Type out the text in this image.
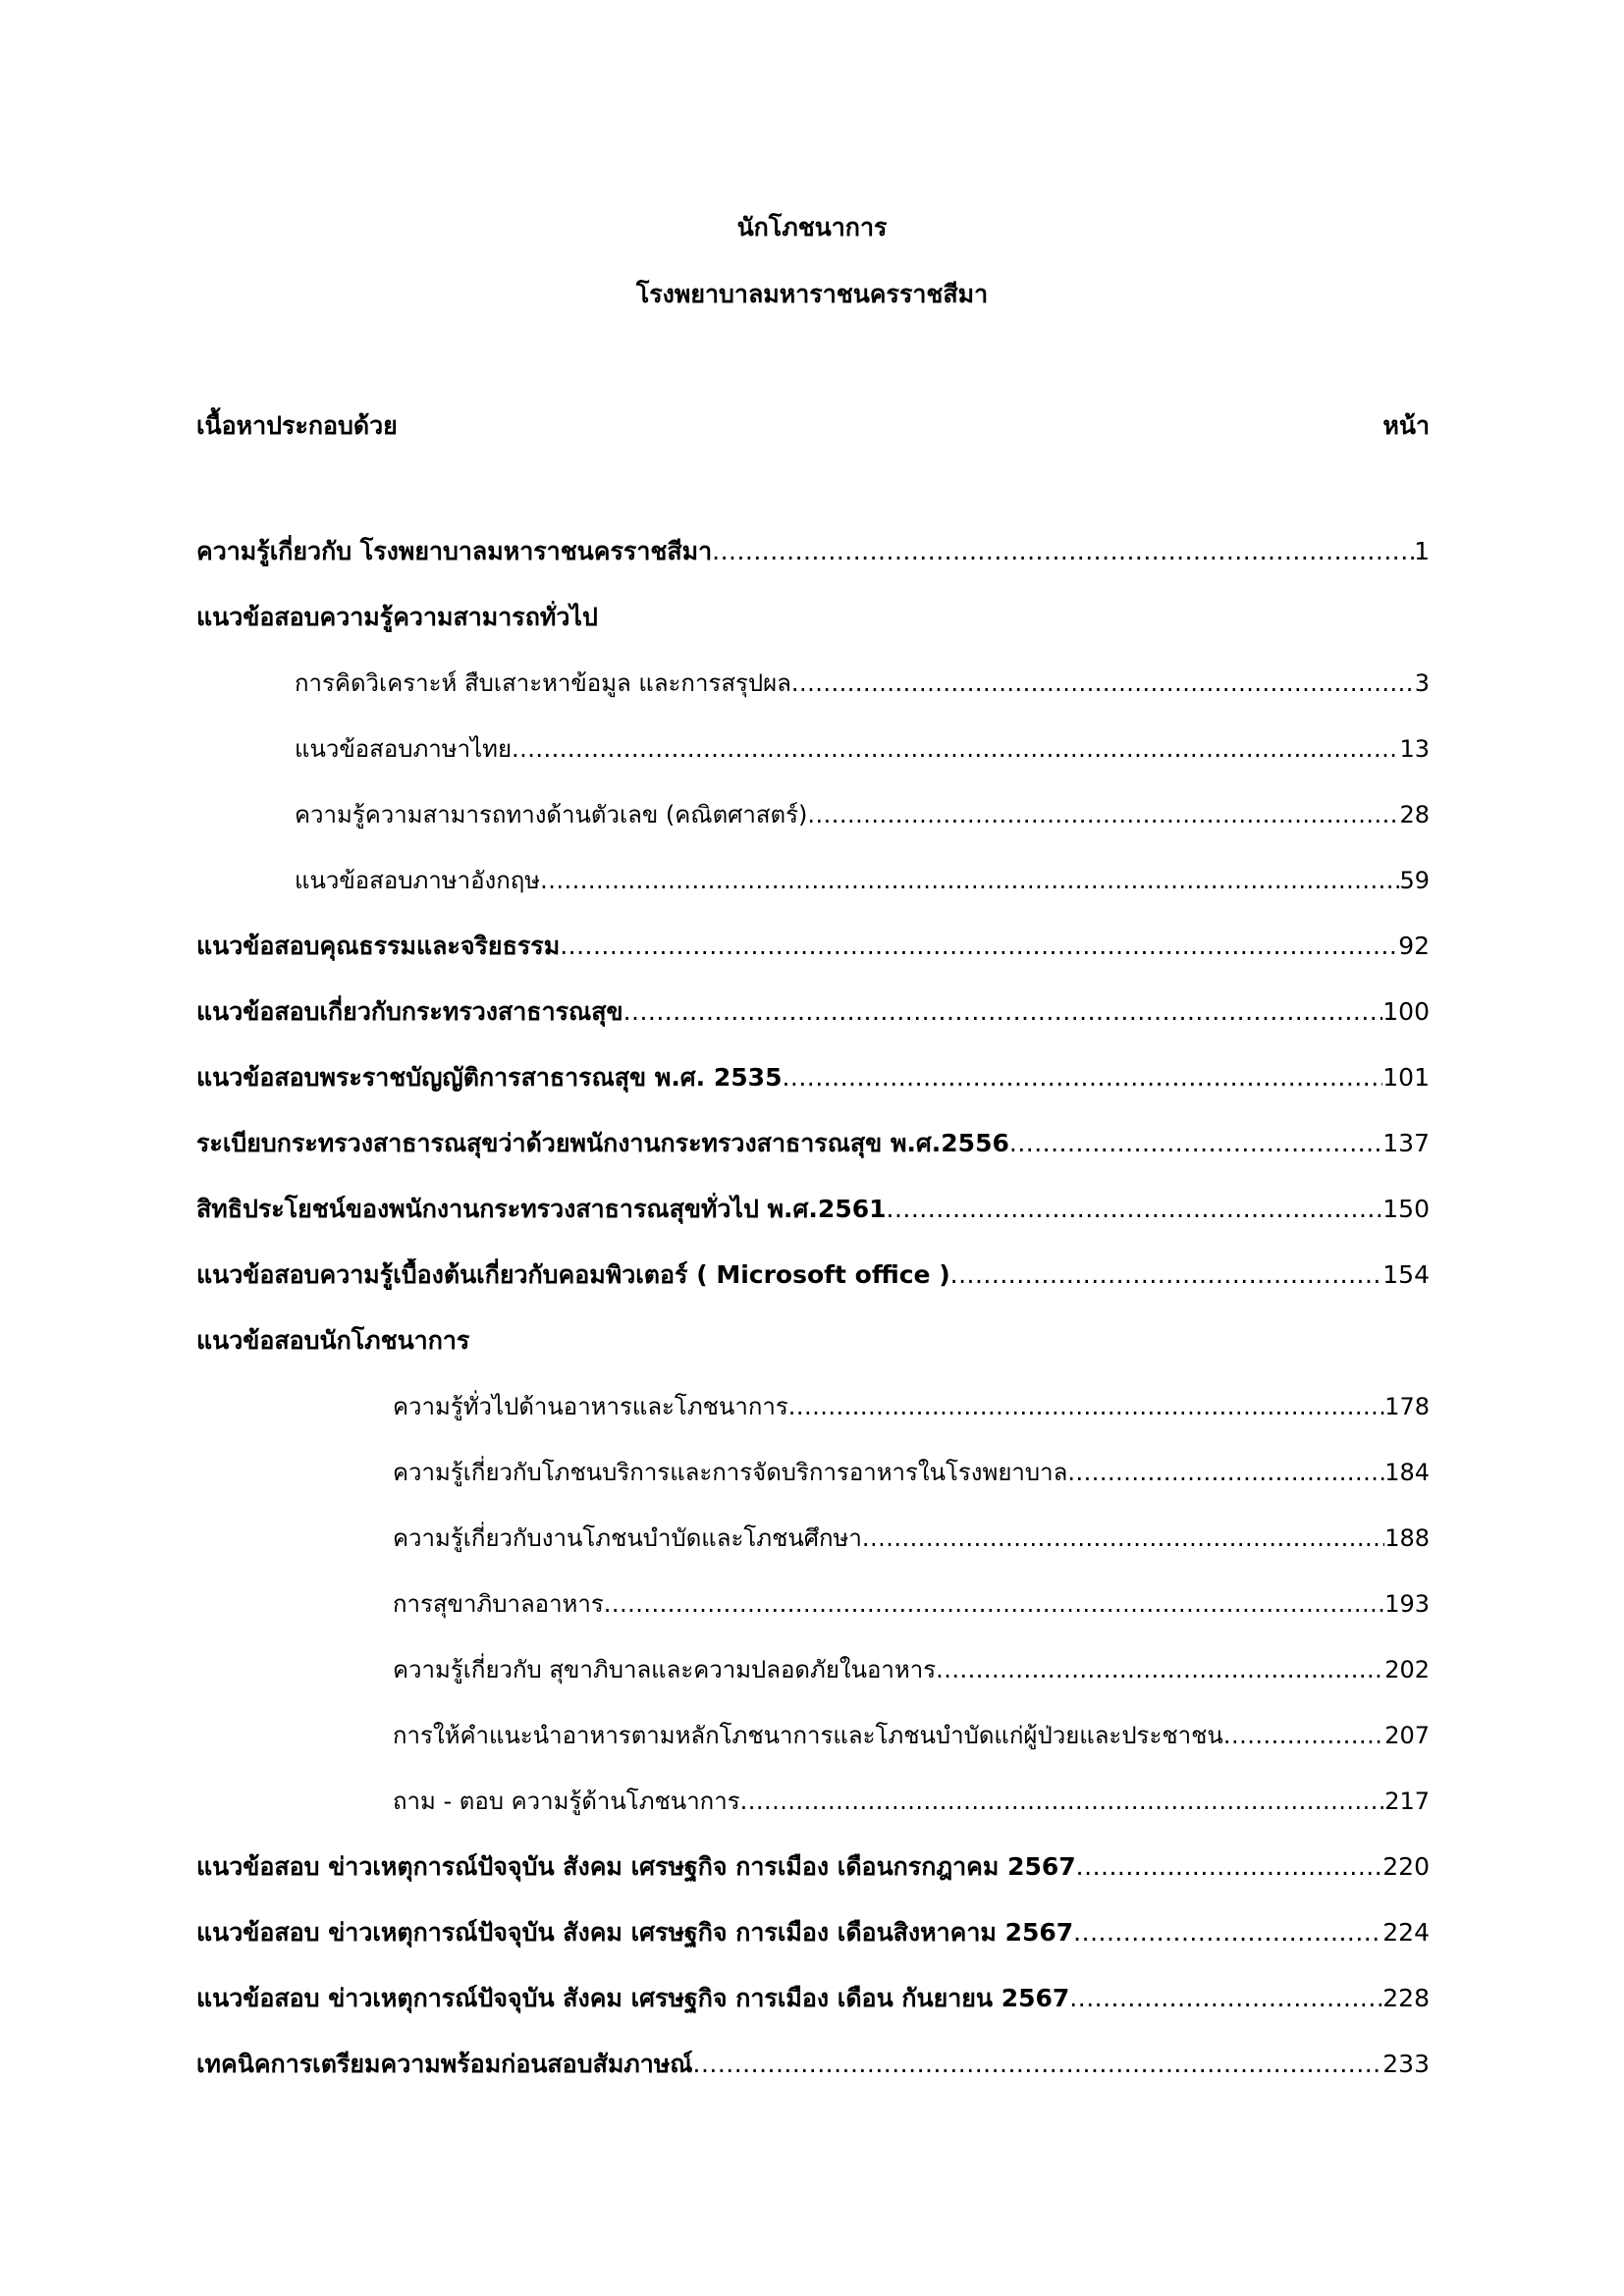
นักโภชนาการ
โรงพยาบาลมหาราชนครราชสีมา
เนื้อหาประกอบด้วย	หน้า
ความรู้เกี่ยวกับ โรงพยาบาลมหาราชนครราชสีมา .....	1
แนวข้อสอบความรู้ความสามารถทั่วไป
การคิดวิเคราะห์ สืบเสาะหาข้อมูล และการสรุปผล .....	3
แนวข้อสอบภาษาไทย .....	13
ความรู้ความสามารถทางด้านตัวเลข (คณิตศาสตร์) .....	28
แนวข้อสอบภาษาอังกฤษ .....	59
แนวข้อสอบคุณธรรมและจริยธรรม .....	92
แนวข้อสอบเกี่ยวกับกระทรวงสาธารณสุข .....	100
แนวข้อสอบพระราชบัญญัติการสาธารณสุข พ.ศ. 2535 .....	101
ระเบียบกระทรวงสาธารณสุขว่าด้วยพนักงานกระทรวงสาธารณสุข พ.ศ.2556 .....	137
สิทธิประโยชน์ของพนักงานกระทรวงสาธารณสุขทั่วไป พ.ศ.2561 .....	150
แนวข้อสอบความรู้เบื้องต้นเกี่ยวกับคอมพิวเตอร์ ( Microsoft office ) .....	154
แนวข้อสอบนักโภชนาการ
ความรู้ทั่วไปด้านอาหารและโภชนาการ .....	178
ความรู้เกี่ยวกับโภชนบริการและการจัดบริการอาหารในโรงพยาบาล .....	184
ความรู้เกี่ยวกับงานโภชนบำบัดและโภชนศึกษา .....	188
การสุขาภิบาลอาหาร .....	193
ความรู้เกี่ยวกับ สุขาภิบาลและความปลอดภัยในอาหาร .....	202
การให้คำแนะนำอาหารตามหลักโภชนาการและโภชนบำบัดแก่ผู้ป่วยและประชาชน .....	207
ถาม - ตอบ ความรู้ด้านโภชนาการ .....	217
แนวข้อสอบ ข่าวเหตุการณ์ปัจจุบัน สังคม เศรษฐกิจ การเมือง เดือนกรกฎาคม 2567 .....	220
แนวข้อสอบ ข่าวเหตุการณ์ปัจจุบัน สังคม เศรษฐกิจ การเมือง เดือนสิงหาคาม 2567 .....	224
แนวข้อสอบ ข่าวเหตุการณ์ปัจจุบัน สังคม เศรษฐกิจ การเมือง เดือน กันยายน 2567 .....	228
เทคนิคการเตรียมความพร้อมก่อนสอบสัมภาษณ์ .....	233
